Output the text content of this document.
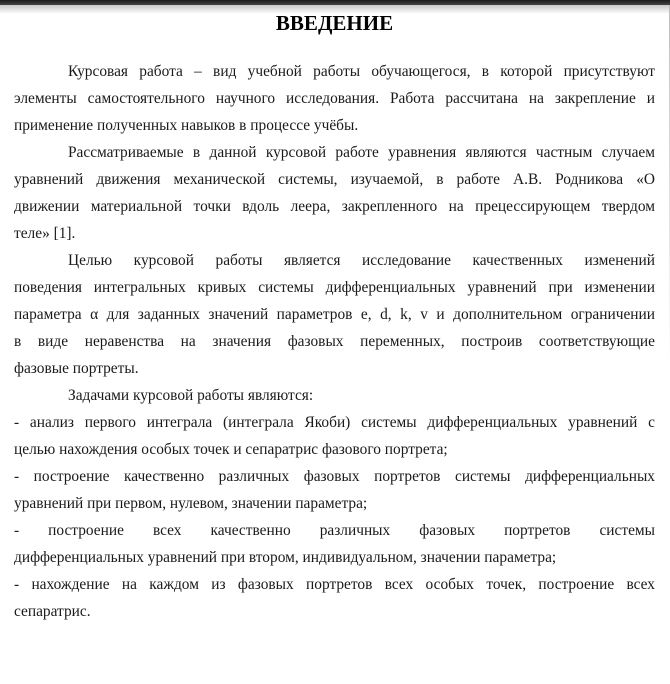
ВВЕДЕНИЕ
Курсовая работа – вид учебной работы обучающегося, в которой присутствуют
элементы самостоятельного научного исследования. Работа рассчитана на закрепление и
применение полученных навыков в процессе учёбы.
Рассматриваемые в данной курсовой работе уравнения являются частным случаем
уравнений движения механической системы, изучаемой, в работе А.В. Родникова «О
движении материальной точки вдоль леера, закрепленного на прецессирующем твердом
теле» [1].
Целью курсовой работы является исследование качественных изменений
поведения интегральных кривых системы дифференциальных уравнений при изменении
параметра α для заданных значений параметров e, d, k, v и дополнительном ограничении
в виде неравенства на значения фазовых переменных, построив соответствующие
фазовые портреты.
Задачами курсовой работы являются:
- анализ первого интеграла (интеграла Якоби) системы дифференциальных уравнений с
целью нахождения особых точек и сепаратрис фазового портрета;
- построение качественно различных фазовых портретов системы дифференциальных
уравнений при первом, нулевом, значении параметра;
- построение всех качественно различных фазовых портретов системы
дифференциальных уравнений при втором, индивидуальном, значении параметра;
- нахождение на каждом из фазовых портретов всех особых точек, построение всех
сепаратрис.
